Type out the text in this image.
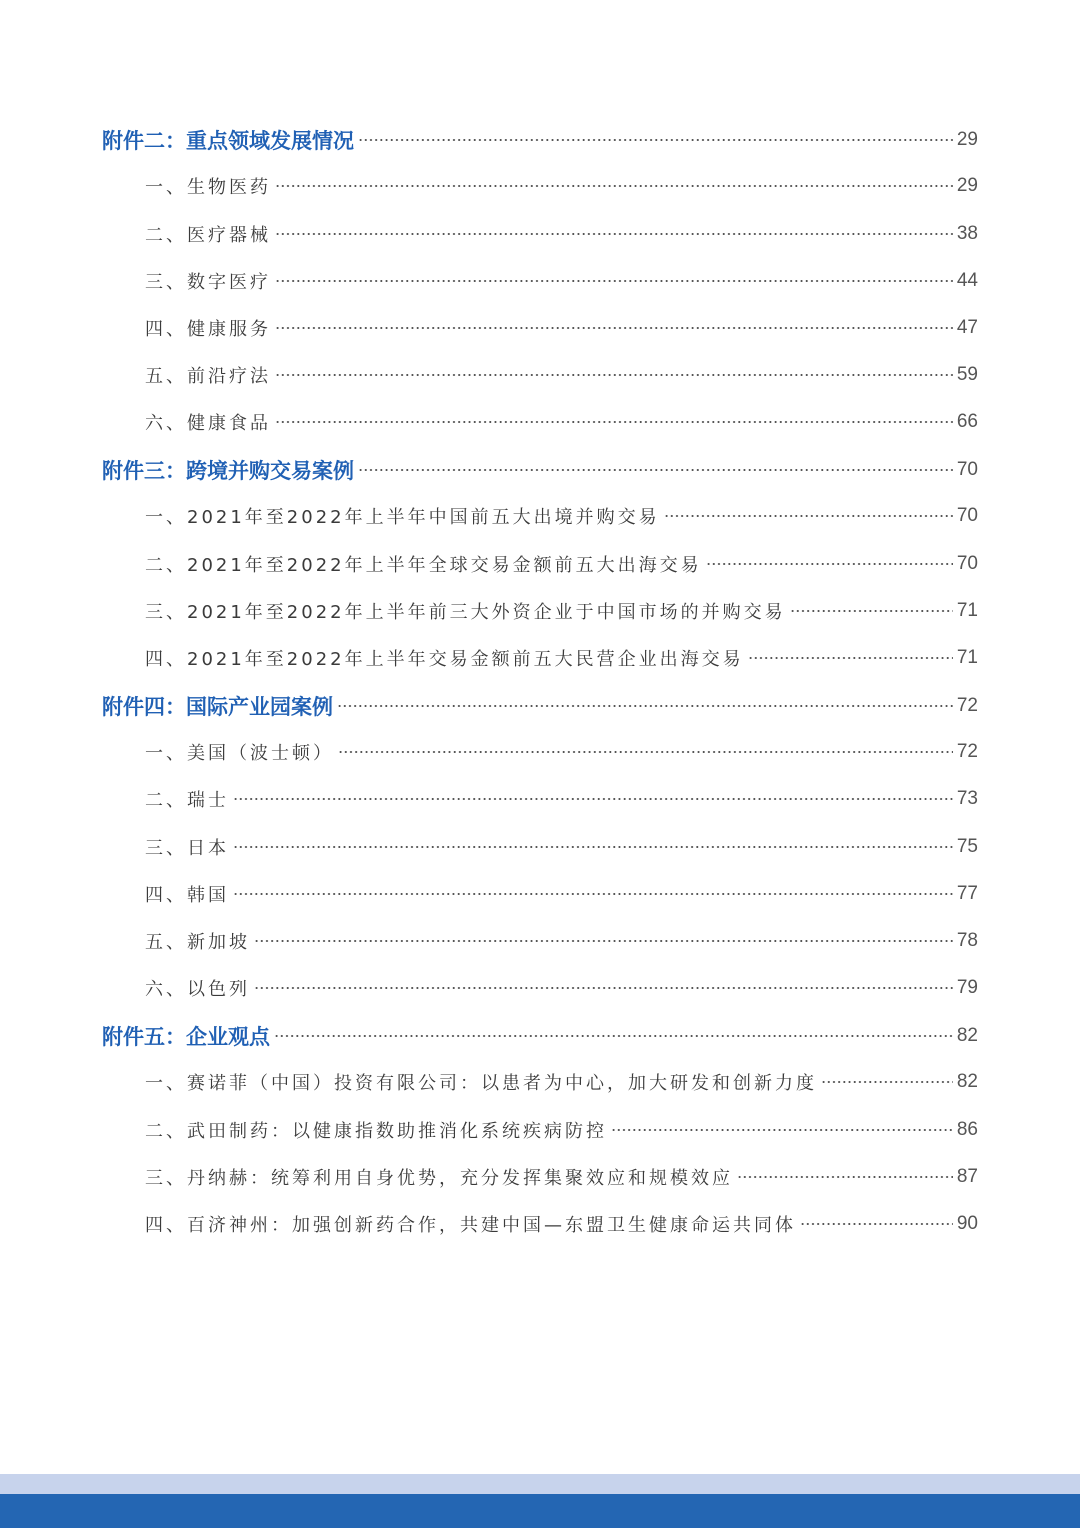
附件二：重点领域发展情况	29
一、生物医药	29
二、医疗器械	38
三、数字医疗	44
四、健康服务	47
五、前沿疗法	59
六、健康食品	66
附件三：跨境并购交易案例	70
一、2021年至2022年上半年中国前五大出境并购交易	70
二、2021年至2022年上半年全球交易金额前五大出海交易	70
三、2021年至2022年上半年前三大外资企业于中国市场的并购交易	71
四、2021年至2022年上半年交易金额前五大民营企业出海交易	71
附件四：国际产业园案例	72
一、美国（波士顿）	72
二、瑞士	73
三、日本	75
四、韩国	77
五、新加坡	78
六、以色列	79
附件五：企业观点	82
一、赛诺菲（中国）投资有限公司：以患者为中心，加大研发和创新力度	82
二、武田制药：以健康指数助推消化系统疾病防控	86
三、丹纳赫：统筹利用自身优势，充分发挥集聚效应和规模效应	87
四、百济神州：加强创新药合作，共建中国—东盟卫生健康命运共同体	90
